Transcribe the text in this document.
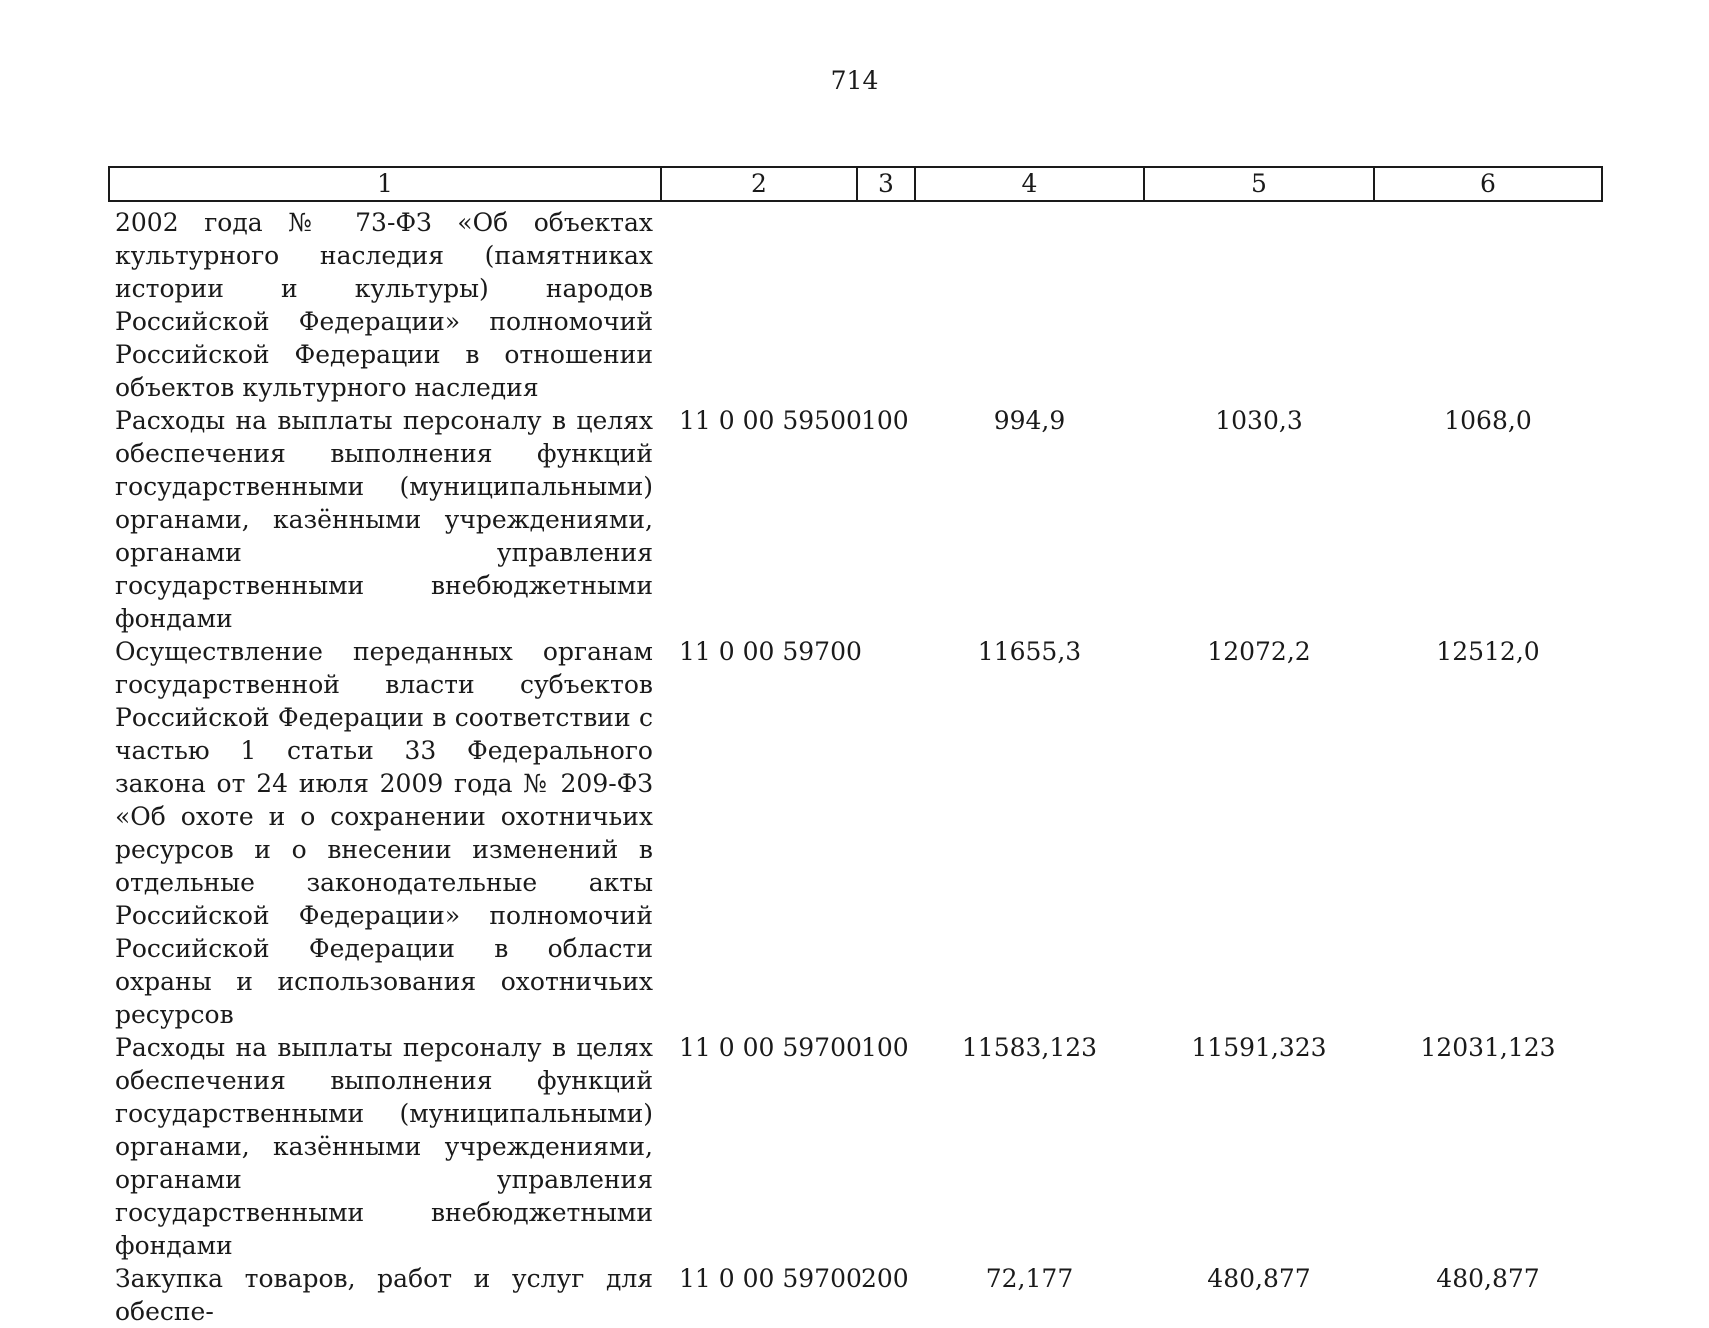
714
1	2	3	4	5	6
2002 года № 73-ФЗ «Об объектах культурного наследия (памятниках истории и культуры) народов Российской Федерации» полномочий Российской Федерации в отношении объектов культурного наследия					
Расходы на выплаты персоналу в целях обеспечения выполнения функций государственными (муниципальными) органами, казёнными учреждениями, органами управления государственными внебюджетными фондами	11 0 00 59500	100	994,9	1030,3	1068,0
Осуществление переданных органам государственной власти субъектов Российской Федерации в соответствии с частью 1 статьи 33 Федерального закона от 24 июля 2009 года № 209-ФЗ «Об охоте и о сохранении охотничьих ресурсов и о внесении изменений в отдельные законодательные акты Российской Федерации» полномочий Российской Федерации в области охраны и использования охотничьих ресурсов	11 0 00 59700		11655,3	12072,2	12512,0
Расходы на выплаты персоналу в целях обеспечения выполнения функций государственными (муниципальными) органами, казёнными учреждениями, органами управления государственными внебюджетными фондами	11 0 00 59700	100	11583,123	11591,323	12031,123
Закупка товаров, работ и услуг для обеспе-	11 0 00 59700	200	72,177	480,877	480,877
